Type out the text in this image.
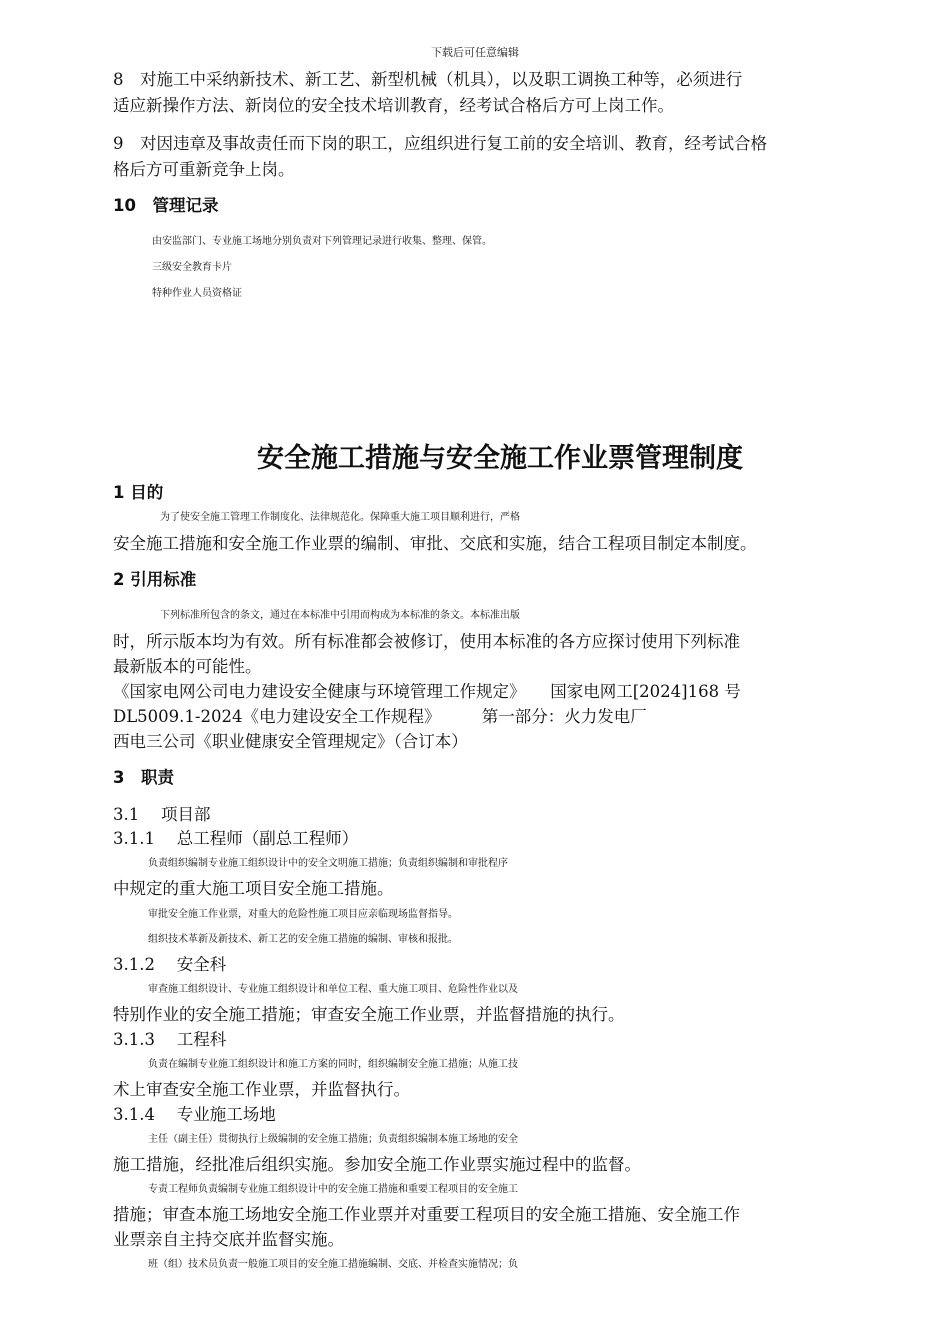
下载后可任意编辑
8　对施工中采纳新技术、新工艺、新型机械（机具），以及职工调换工种等，必须进行
适应新操作方法、新岗位的安全技术培训教育，经考试合格后方可上岗工作。
9　对因违章及事故责任而下岗的职工，应组织进行复工前的安全培训、教育，经考试合格
格后方可重新竞争上岗。
10　管理记录
由安监部门、专业施工场地分别负责对下列管理记录进行收集、整理、保管。
三级安全教育卡片
特种作业人员资格证
安全施工措施与安全施工作业票管理制度
1 目的
为了使安全施工管理工作制度化、法律规范化。保障重大施工项目顺利进行，严格
安全施工措施和安全施工作业票的编制、审批、交底和实施，结合工程项目制定本制度。
2 引用标准
下列标准所包含的条文，通过在本标准中引用而构成为本标准的条文。本标准出版
时，所示版本均为有效。所有标准都会被修订，使用本标准的各方应探讨使用下列标准
最新版本的可能性。
《国家电网公司电力建设安全健康与环境管理工作规定》　　国家电网工[2024]168 号
DL5009.1-2024《电力建设安全工作规程》　　　第一部分：火力发电厂
西电三公司《职业健康安全管理规定》（合订本）
3　职责
3.1　 项目部
3.1.1　 总工程师（副总工程师）
负责组织编制专业施工组织设计中的安全文明施工措施；负责组织编制和审批程序
中规定的重大施工项目安全施工措施。
审批安全施工作业票，对重大的危险性施工项目应亲临现场监督指导。
组织技术革新及新技术、新工艺的安全施工措施的编制、审核和报批。
3.1.2　 安全科
审查施工组织设计、专业施工组织设计和单位工程、重大施工项目、危险性作业以及
特别作业的安全施工措施；审查安全施工作业票，并监督措施的执行。
3.1.3　 工程科
负责在编制专业施工组织设计和施工方案的同时，组织编制安全施工措施；从施工技
术上审查安全施工作业票，并监督执行。
3.1.4　 专业施工场地
主任（副主任）贯彻执行上级编制的安全施工措施；负责组织编制本施工场地的安全
施工措施，经批准后组织实施。参加安全施工作业票实施过程中的监督。
专责工程师负责编制专业施工组织设计中的安全施工措施和重要工程项目的安全施工
措施；审查本施工场地安全施工作业票并对重要工程项目的安全施工措施、安全施工作
业票亲自主持交底并监督实施。
班（组）技术员负责一般施工项目的安全施工措施编制、交底、并检查实施情况；负
